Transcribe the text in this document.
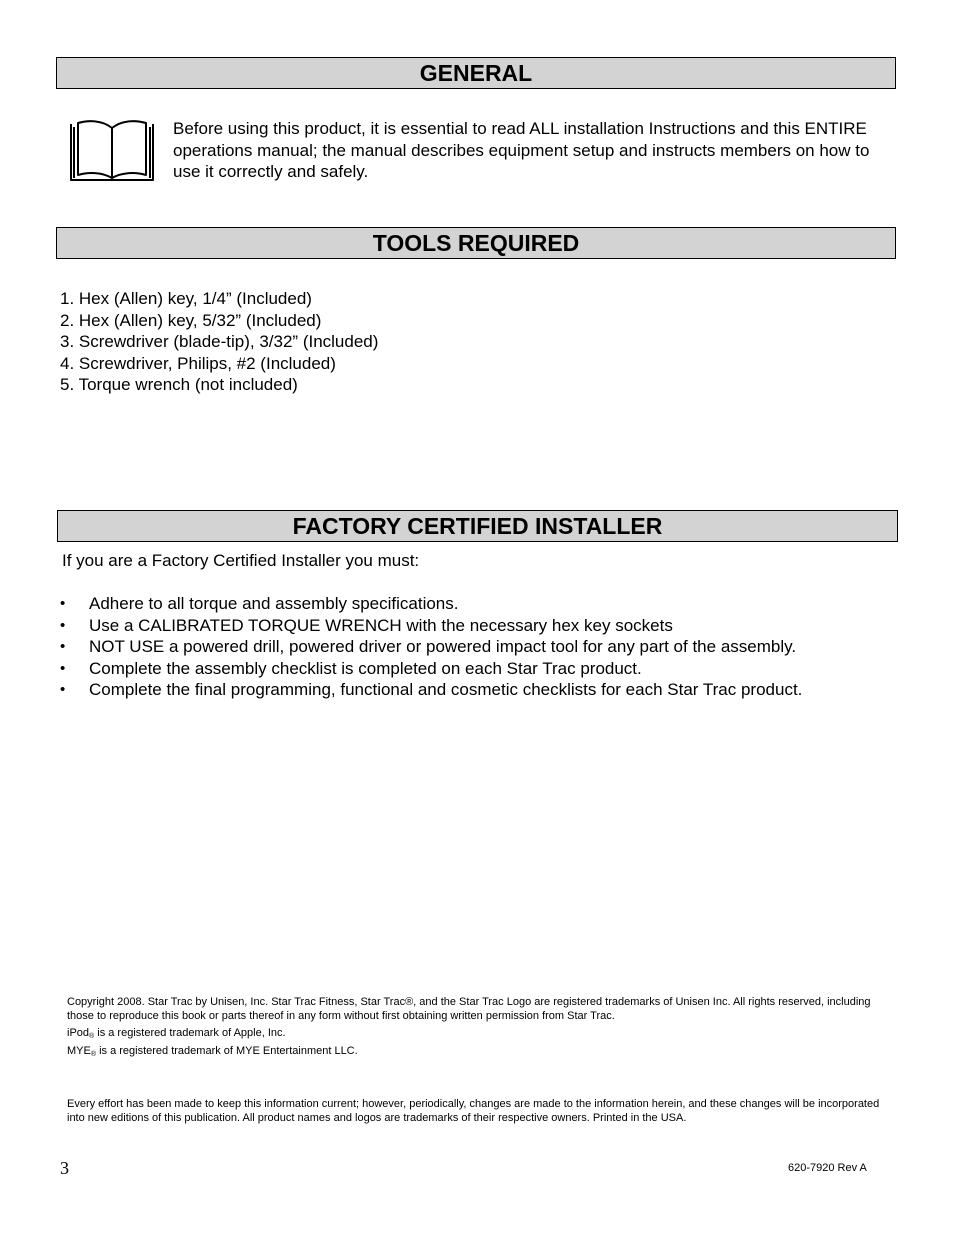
GENERAL
Before using this product, it is essential to read ALL installation Instructions and this ENTIRE operations manual; the manual describes equipment setup and instructs members on how to use it correctly and safely.
TOOLS REQUIRED
1. Hex (Allen) key, 1/4” (Included)
2. Hex (Allen) key, 5/32” (Included)
3. Screwdriver (blade-tip), 3/32” (Included)
4. Screwdriver, Philips, #2 (Included)
5. Torque wrench (not included)
FACTORY CERTIFIED INSTALLER
If you are a Factory Certified Installer you must:
• Adhere to all torque and assembly specifications.
• Use a CALIBRATED TORQUE WRENCH with the necessary hex key sockets
• NOT USE a powered drill, powered driver or powered impact tool for any part of the assembly.
• Complete the assembly checklist is completed on each Star Trac product.
• Complete the final programming, functional and cosmetic checklists for each Star Trac product.
Copyright 2008. Star Trac by Unisen, Inc. Star Trac Fitness, Star Trac®, and the Star Trac Logo are registered trademarks of Unisen Inc. All rights reserved, including those to reproduce this book or parts thereof in any form without first obtaining written permission from Star Trac.
iPod$_®$ is a registered trademark of Apple, Inc.
$MYE_®$ is a registered trademark of MYE Entertainment LLC.
Every effort has been made to keep this information current; however, periodically, changes are made to the information herein, and these changes will be incorporated into new editions of this publication. All product names and logos are trademarks of their respective owners. Printed in the USA.
3	620-7920 Rev A
